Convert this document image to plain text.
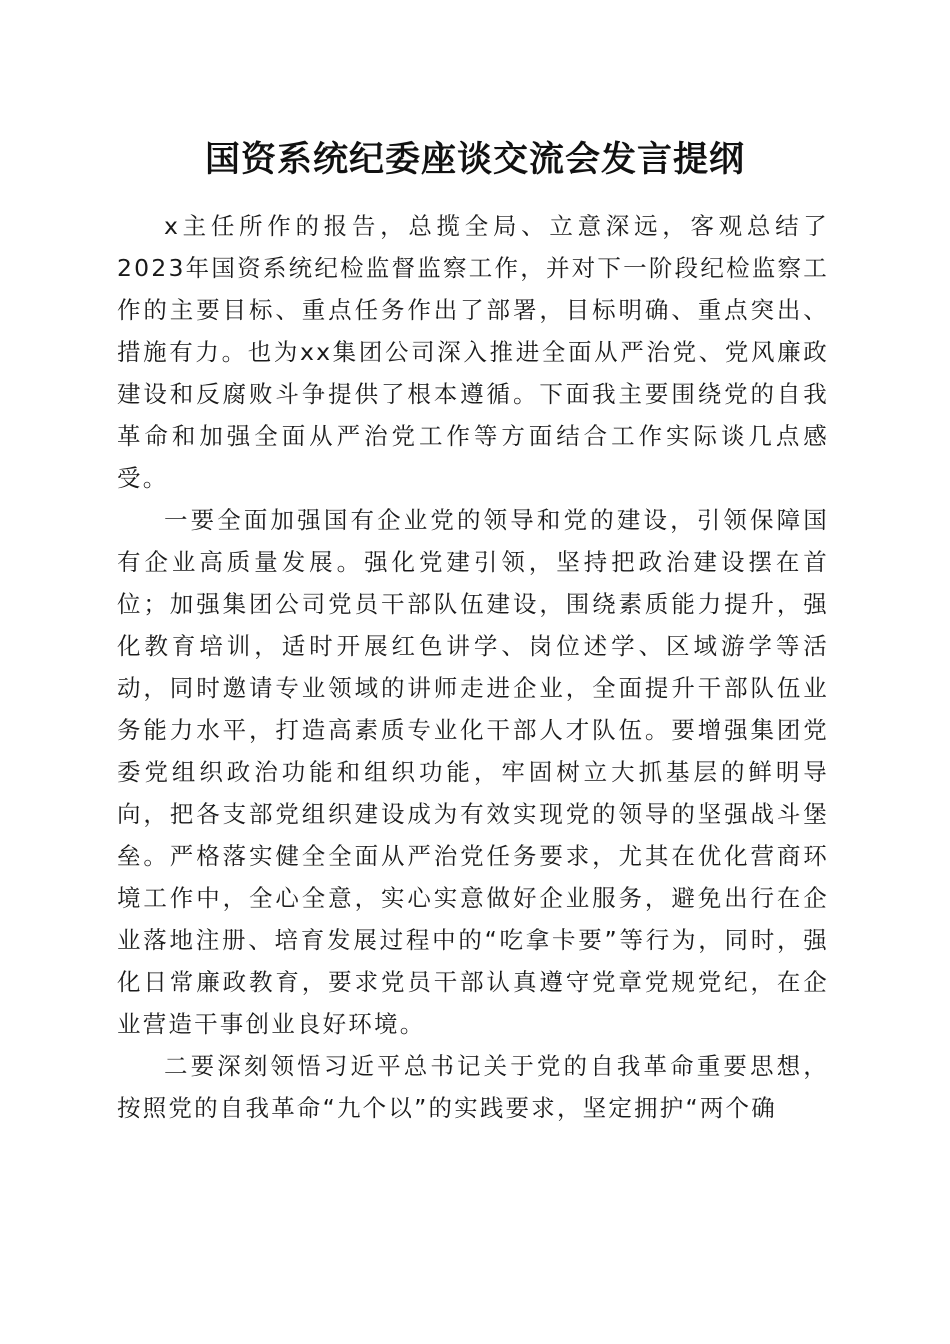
国资系统纪委座谈交流会发言提纲

x主任所作的报告，总揽全局、立意深远，客观总结了2023年国资系统纪检监督监察工作，并对下一阶段纪检监察工作的主要目标、重点任务作出了部署，目标明确、重点突出、措施有力。也为xx集团公司深入推进全面从严治党、党风廉政建设和反腐败斗争提供了根本遵循。下面我主要围绕党的自我革命和加强全面从严治党工作等方面结合工作实际谈几点感受。

一要全面加强国有企业党的领导和党的建设，引领保障国有企业高质量发展。强化党建引领，坚持把政治建设摆在首位；加强集团公司党员干部队伍建设，围绕素质能力提升，强化教育培训，适时开展红色讲学、岗位述学、区域游学等活动，同时邀请专业领域的讲师走进企业，全面提升干部队伍业务能力水平，打造高素质专业化干部人才队伍。要增强集团党委党组织政治功能和组织功能，牢固树立大抓基层的鲜明导向，把各支部党组织建设成为有效实现党的领导的坚强战斗堡垒。严格落实健全全面从严治党任务要求，尤其在优化营商环境工作中，全心全意，实心实意做好企业服务，避免出行在企业落地注册、培育发展过程中的“吃拿卡要”等行为，同时，强化日常廉政教育，要求党员干部认真遵守党章党规党纪，在企业营造干事创业良好环境。

二要深刻领悟习近平总书记关于党的自我革命重要思想，按照党的自我革命“九个以”的实践要求，坚定拥护“两个确
